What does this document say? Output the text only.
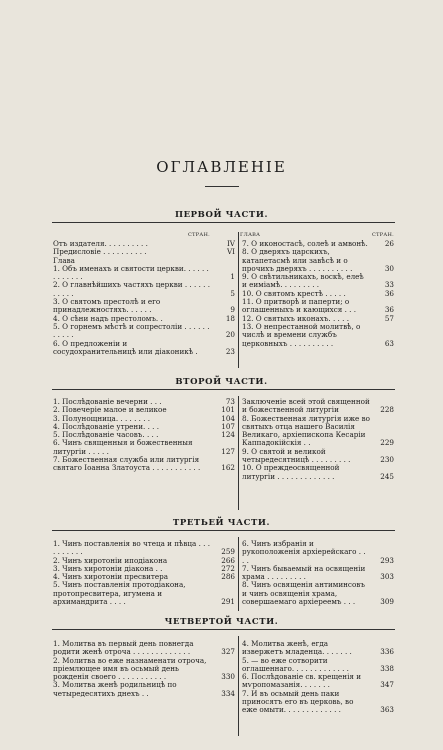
ОГЛАВЛЕНІЕ
ПЕРВОЙ ЧАСТИ.
СТРАН.	ГЛАВА	СТРАН.
Отъ издателя. . . . . . . . . .	IV
Предисловіе . . . . . . . . . .	VI
Глава
1. Объ именахъ и святости церкви. . . . . . . . . . . . .	1
2. О главнѣйшихъ частяхъ церкви . . . . . . . . . . .	5
3. О святомъ престолѣ и его принадлежностяхъ. . . . . .	9
4. О сѣни надъ престоломъ. .	18
5. О горнемъ мѣстѣ и сопрестоліи . . . . . . . . . . .	20
6. О предложеніи и сосудохранительницѣ или діаконикѣ .	23
7. О иконостасѣ, солеѣ и амвонѣ.	26
8. О дверяхъ царскихъ, катапетасмѣ или завѣсѣ и о прочихъ дверяхъ . . . . . . . . . .	30
9. О свѣтильникахъ, воскѣ, елеѣ и еиміамѣ. . . . . . . . .	33
10. О святомъ крестѣ . . . . .	36
11. О притворѣ и паперти; о оглашенныхъ и кающихся . . .	36
12. О святыхъ иконахъ. . . . .	57
13. О непрестанной молитвѣ, о числѣ и времени службъ церковныхъ . . . . . . . . . .	63
ВТОРОЙ ЧАСТИ.
1. Послѣдованіе вечерни . . .	73
2. Повечеріе малое и великое	101
3. Полунощница. . . . . . . .	104
4. Послѣдованіе утрени. . . .	107
5. Послѣдованіе часовъ. . . .	124
6. Чинъ священныя и божественныя литургіи . . . . .	127
7. Божественная служба или литургія святаго Іоанна Златоуста . . . . . . . . . . .	162
Заключеніе всей этой священной и божественной литургіи	228
8. Божественная литургія иже во святыхъ отца нашего Василія Великаго, архіепископа Кесаріи Каппадокійскія . .	229
9. О святой и великой четыредесятницѣ . . . . . . . . .	230
10. О преждеосвященной литургіи . . . . . . . . . . . . .	245
ТРЕТЬЕЙ ЧАСТИ.
1. Чинъ поставленія во чтеца и пѣвца . . . . . . . . . .	259
2. Чинъ хиротоніи иподіакона	266
3. Чинъ хиротоніи діакона . .	272
4. Чинъ хиротоніи пресвитера	286
5. Чинъ поставленія протодіакона, протопресвитера, игумена и архимандрита . . . .	291
6. Чинъ избранія и рукоположенія архіерейскаго . . . .	293
7. Чинъ бываемый на освященіи храма . . . . . . . . .	303
8. Чинъ освященія антиминсовъ и чинъ освященія храма, совершаемаго архіереемъ . . .	309
ЧЕТВЕРТОЙ ЧАСТИ.
1. Молитва въ первый день повнегда родити женѣ отроча . . . . . . . . . . . . .	327
2. Молитва во еже назнаменати отроча, пріемлющее имя въ осьмый день рожденія своего . . . . . . . . . . .	330
3. Молитва женѣ родильницѣ по четыредесятихъ днехъ . .	334
4. Молитва женѣ, егда извержетъ младенца. . . . . . .	336
5. — во еже сотворити оглашеннаго. . . . . . . . . . . . .	338
6. Послѣдованіе св. крещенія и мѵропомазанія. . . . . . .	347
7. И въ осьмый день паки приносятъ его въ церковь, во еже омыти. . . . . . . . . . . . .	363
